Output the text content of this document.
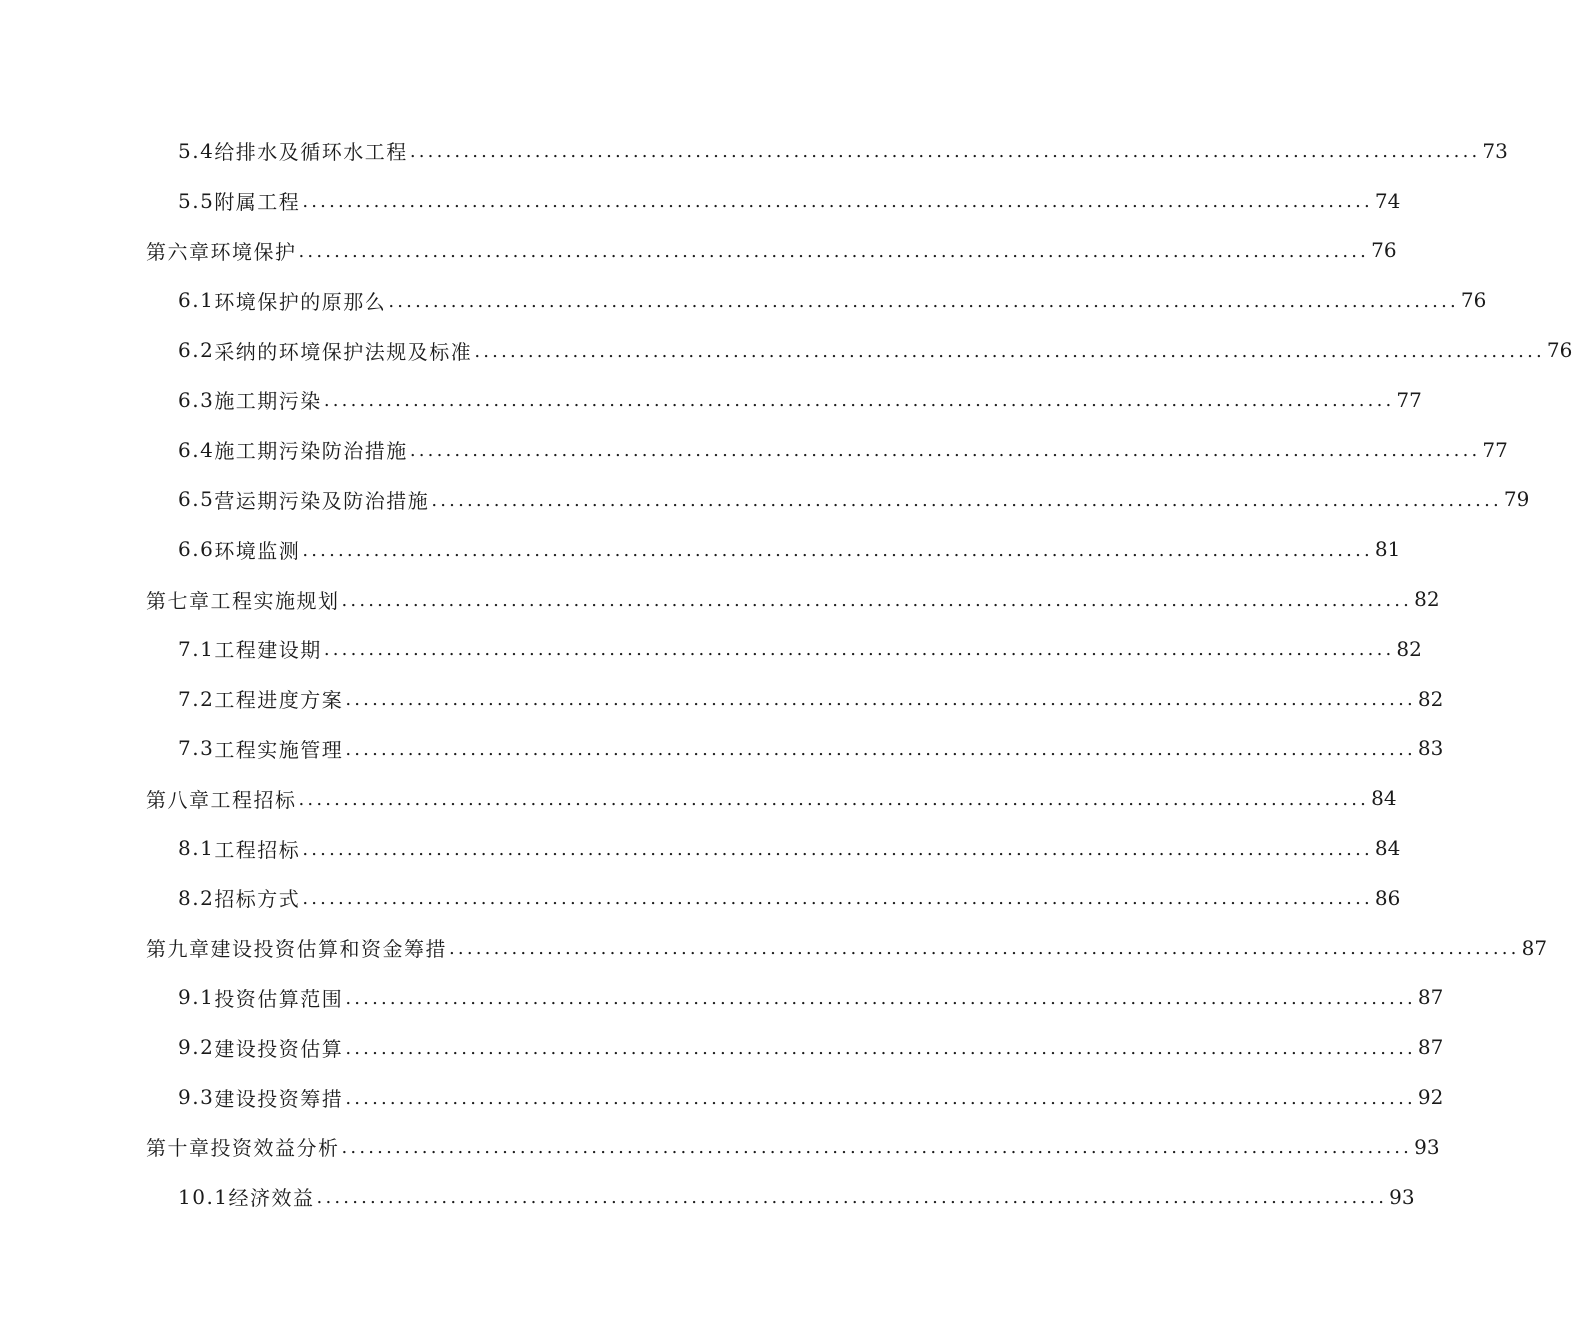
5.4 给排水及循环水工程 ........................................................................................................................ 73
5.5 附属工程 ........................................................................................................................ 74
第六章 环境保护 ........................................................................................................................ 76
6.1 环境保护的原那么 ........................................................................................................................ 76
6.2 采纳的环境保护法规及标准 ........................................................................................................................ 76
6.3 施工期污染 ........................................................................................................................ 77
6.4 施工期污染防治措施 ........................................................................................................................ 77
6.5 营运期污染及防治措施 ........................................................................................................................ 79
6.6 环境监测 ........................................................................................................................ 81
第七章 工程实施规划 ........................................................................................................................ 82
7.1 工程建设期 ........................................................................................................................ 82
7.2 工程进度方案 ........................................................................................................................ 82
7.3 工程实施管理 ........................................................................................................................ 83
第八章 工程招标 ........................................................................................................................ 84
8.1 工程招标 ........................................................................................................................ 84
8.2 招标方式 ........................................................................................................................ 86
第九章 建设投资估算和资金筹措 ........................................................................................................................ 87
9.1 投资估算范围 ........................................................................................................................ 87
9.2 建设投资估算 ........................................................................................................................ 87
9.3 建设投资筹措 ........................................................................................................................ 92
第十章 投资效益分析 ........................................................................................................................ 93
10.1 经济效益 ........................................................................................................................ 93
